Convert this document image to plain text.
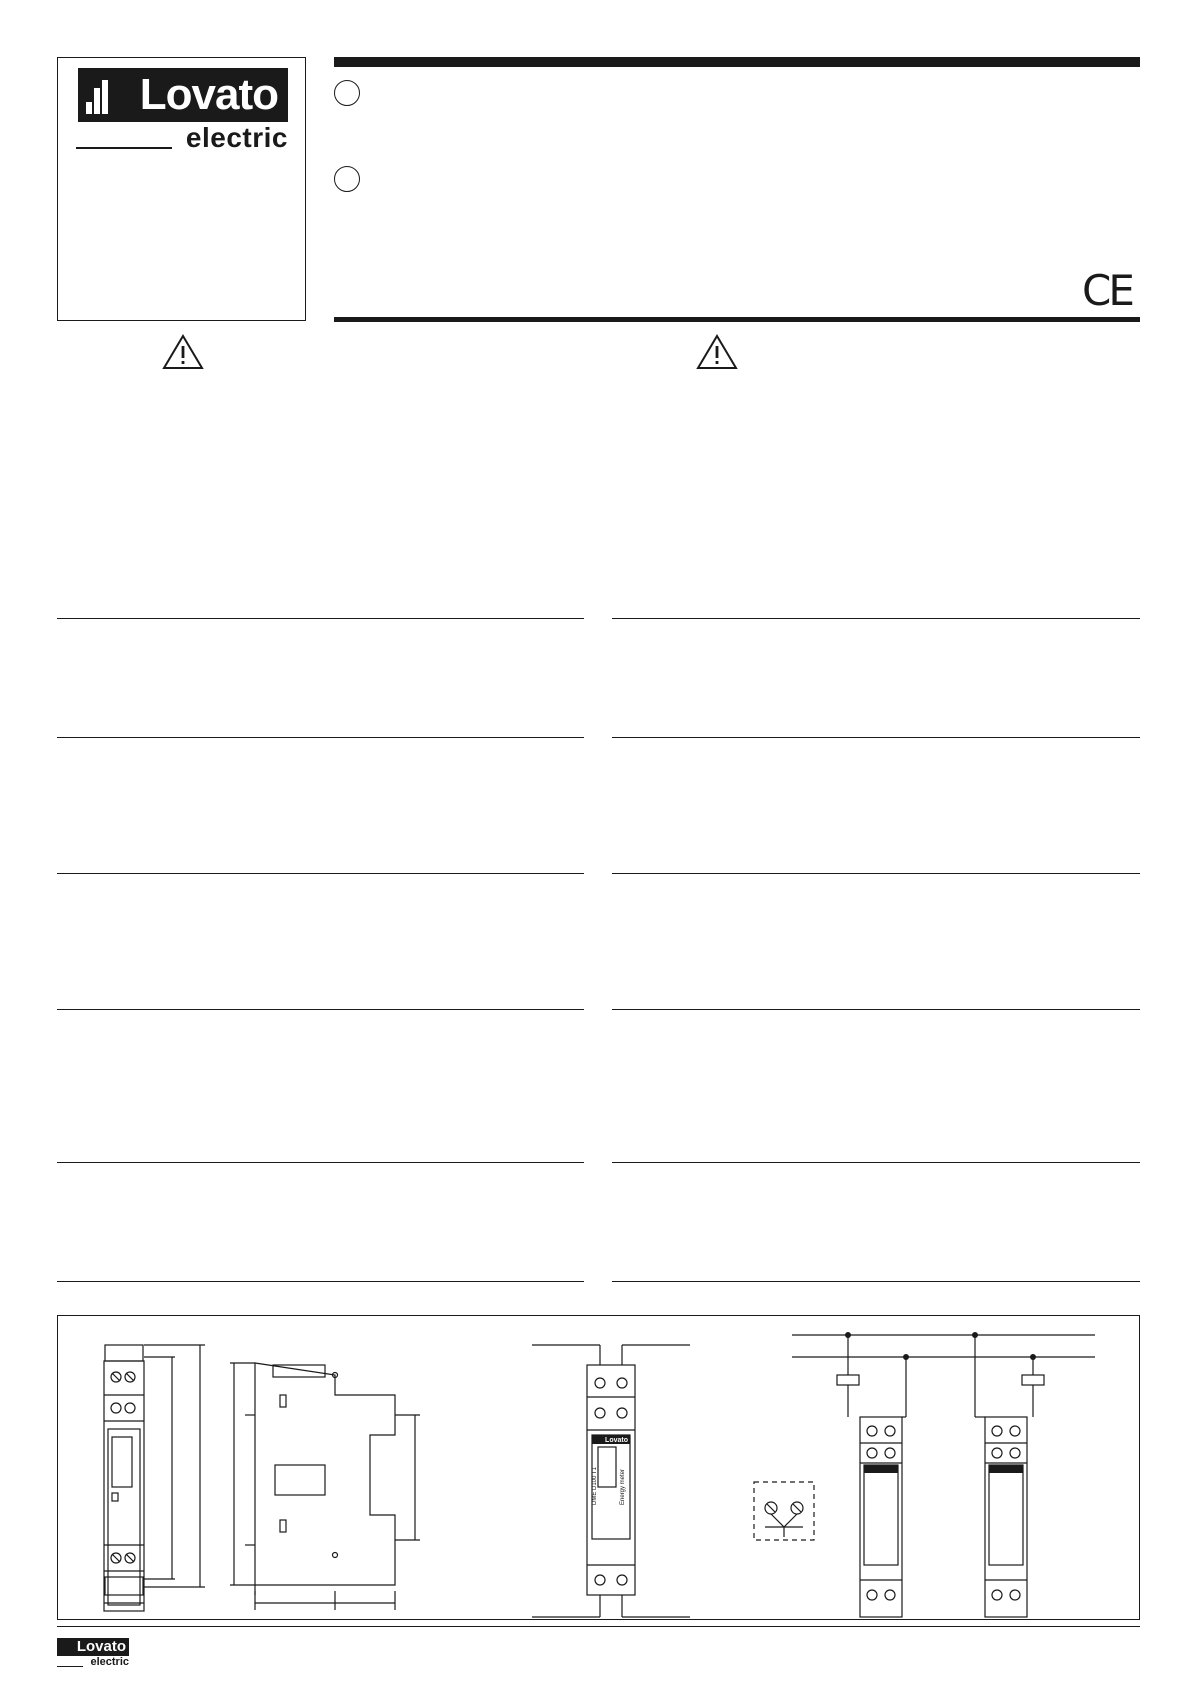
Lovato
®
electric
CE
Lovato
DME D100 T1	Energy meter
Lovato
electric
